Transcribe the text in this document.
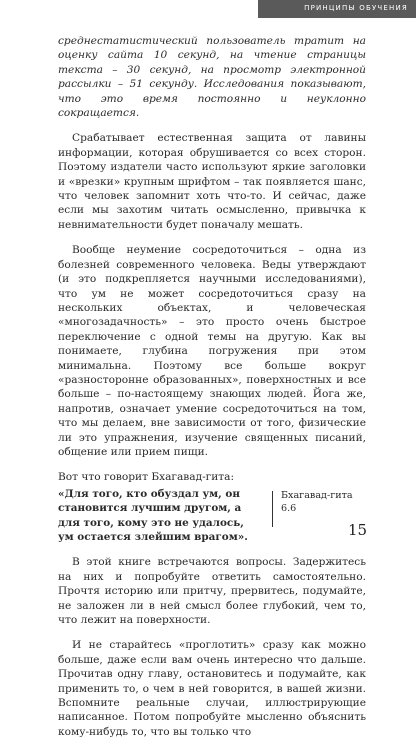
ПРИНЦИПЫ ОБУЧЕНИЯ

среднестатистический пользователь тратит на оценку сайта 10 секунд, на чтение страницы текста – 30 секунд, на просмотр электронной рассылки – 51 секунду. Исследования показывают, что это время постоянно и неуклонно сокращается.

Срабатывает естественная защита от лавины информации, которая обрушивается со всех сторон. Поэтому издатели часто используют яркие заголовки и «врезки» крупным шрифтом – так появляется шанс, что человек запомнит хоть что-то. И сейчас, даже если мы захотим читать осмысленно, привычка к невнимательности будет поначалу мешать.

Вообще неумение сосредоточиться – одна из болезней современного человека. Веды утверждают (и это подкрепляется научными исследованиями), что ум не может сосредоточиться сразу на нескольких объектах, и человеческая «многозадачность» – это просто очень быстрое переключение с одной темы на другую. Как вы понимаете, глубина погружения при этом минимальна. Поэтому все больше вокруг «разносторонне образованных», поверхностных и все больше – по-настоящему знающих людей. Йога же, напротив, означает умение сосредоточиться на том, что мы делаем, вне зависимости от того, физические ли это упражнения, изучение священных писаний, общение или прием пищи.

Вот что говорит Бхагавад-гита:

«Для того, кто обуздал ум, он становится лучшим другом, а для того, кому это не удалось, ум остается злейшим врагом».
Бхагавад-гита
6.6

В этой книге встречаются вопросы. Задержитесь на них и попробуйте ответить самостоятельно. Прочтя историю или притчу, прервитесь, подумайте, не заложен ли в ней смысл более глубокий, чем то, что лежит на поверхности.

И не старайтесь «проглотить» сразу как можно больше, даже если вам очень интересно что дальше. Прочитав одну главу, остановитесь и подумайте, как применить то, о чем в ней говорится, в вашей жизни. Вспомните реальные случаи, иллюстрирующие написанное. Потом попробуйте мысленно объяснить кому-нибудь то, что вы только что

15
